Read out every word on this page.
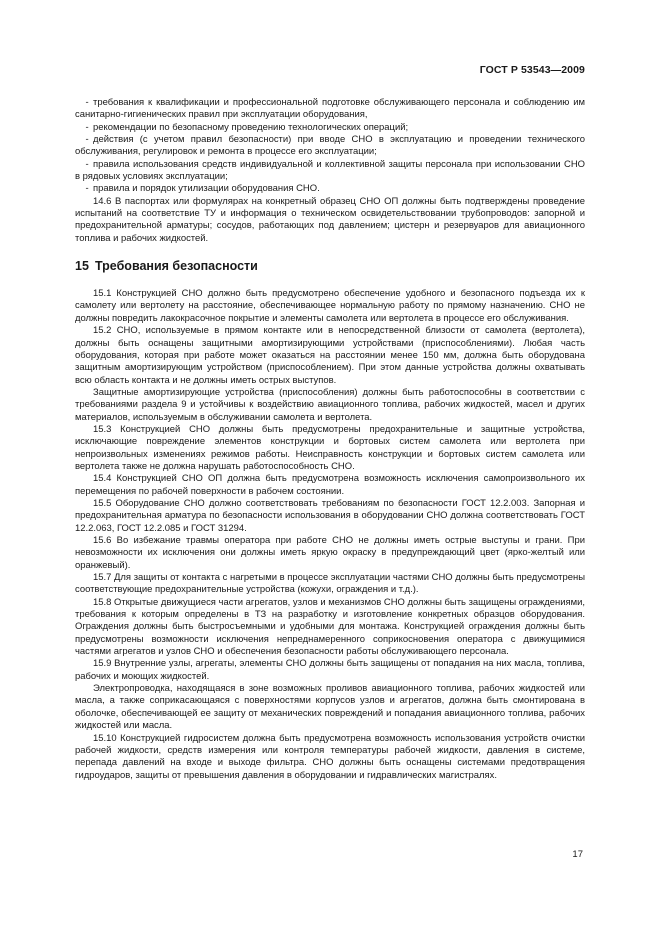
ГОСТ Р 53543—2009

- требования к квалификации и профессиональной подготовке обслуживающего персонала и соблюдению им санитарно-гигиенических правил при эксплуатации оборудования,

- рекомендации по безопасному проведению технологических операций;

- действия (с учетом правил безопасности) при вводе СНО в эксплуатацию и проведении технического обслуживания, регулировок и ремонта в процессе его эксплуатации;

- правила использования средств индивидуальной и коллективной защиты персонала при использовании СНО в рядовых условиях эксплуатации;

- правила и порядок утилизации оборудования СНО.

14.6 В паспортах или формулярах на конкретный образец СНО ОП должны быть подтверждены проведение испытаний на соответствие ТУ и информация о техническом освидетельствовании трубопроводов: запорной и предохранительной арматуры; сосудов, работающих под давлением; цистерн и резервуаров для авиационного топлива и рабочих жидкостей.

15 Требования безопасности

15.1 Конструкцией СНО должно быть предусмотрено обеспечение удобного и безопасного подъезда их к самолету или вертолету на расстояние, обеспечивающее нормальную работу по прямому назначению. СНО не должны повредить лакокрасочное покрытие и элементы самолета или вертолета в процессе его обслуживания.

15.2 СНО, используемые в прямом контакте или в непосредственной близости от самолета (вертолета), должны быть оснащены защитными амортизирующими устройствами (приспособлениями). Любая часть оборудования, которая при работе может оказаться на расстоянии менее 150 мм, должна быть оборудована защитным амортизирующим устройством (приспособлением). При этом данные устройства должны охватывать всю область контакта и не должны иметь острых выступов.

Защитные амортизирующие устройства (приспособления) должны быть работоспособны в соответствии с требованиями раздела 9 и устойчивы к воздействию авиационного топлива, рабочих жидкостей, масел и других материалов, используемым в обслуживании самолета и вертолета.

15.3 Конструкцией СНО должны быть предусмотрены предохранительные и защитные устройства, исключающие повреждение элементов конструкции и бортовых систем самолета или вертолета при непроизвольных изменениях режимов работы. Неисправность конструкции и бортовых систем самолета или вертолета также не должна нарушать работоспособность СНО.

15.4 Конструкцией СНО ОП должна быть предусмотрена возможность исключения самопроизвольного их перемещения по рабочей поверхности в рабочем состоянии.

15.5 Оборудование СНО должно соответствовать требованиям по безопасности ГОСТ 12.2.003. Запорная и предохранительная арматура по безопасности использования в оборудовании СНО должна соответствовать ГОСТ 12.2.063, ГОСТ 12.2.085 и ГОСТ 31294.

15.6 Во избежание травмы оператора при работе СНО не должны иметь острые выступы и грани. При невозможности их исключения они должны иметь яркую окраску в предупреждающий цвет (ярко-желтый или оранжевый).

15.7 Для защиты от контакта с нагретыми в процессе эксплуатации частями СНО должны быть предусмотрены соответствующие предохранительные устройства (кожухи, ограждения и т.д.).

15.8 Открытые движущиеся части агрегатов, узлов и механизмов СНО должны быть защищены ограждениями, требования к которым определены в ТЗ на разработку и изготовление конкретных образцов оборудования. Ограждения должны быть быстросъемными и удобными для монтажа. Конструкцией ограждения должны быть предусмотрены возможности исключения непреднамеренного соприкосновения оператора с движущимися частями агрегатов и узлов СНО и обеспечения безопасности работы обслуживающего персонала.

15.9 Внутренние узлы, агрегаты, элементы СНО должны быть защищены от попадания на них масла, топлива, рабочих и моющих жидкостей.

Электропроводка, находящаяся в зоне возможных проливов авиационного топлива, рабочих жидкостей или масла, а также соприкасающаяся с поверхностями корпусов узлов и агрегатов, должна быть смонтирована в оболочке, обеспечивающей ее защиту от механических повреждений и попадания авиационного топлива, рабочих жидкостей или масла.

15.10 Конструкцией гидросистем должна быть предусмотрена возможность использования устройств очистки рабочей жидкости, средств измерения или контроля температуры рабочей жидкости, давления в системе, перепада давлений на входе и выходе фильтра. СНО должны быть оснащены системами предотвращения гидроударов, защиты от превышения давления в оборудовании и гидравлических магистралях.

17
